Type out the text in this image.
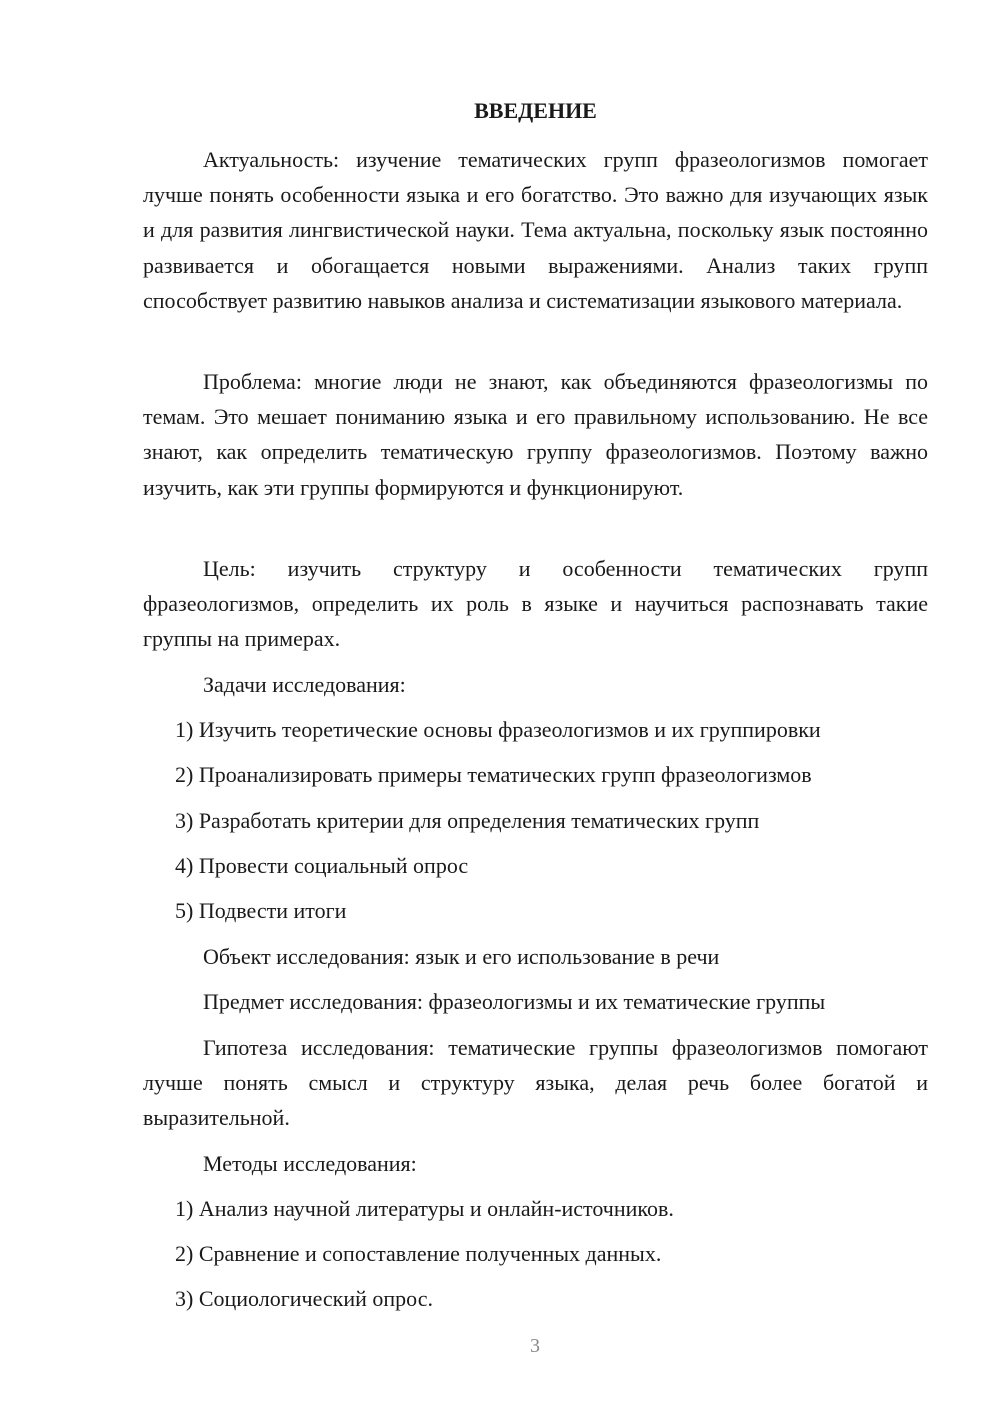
ВВЕДЕНИЕ

Актуальность: изучение тематических групп фразеологизмов помогает лучше понять особенности языка и его богатство. Это важно для изучающих язык и для развития лингвистической науки. Тема актуальна, поскольку язык постоянно развивается и обогащается новыми выражениями. Анализ таких групп способствует развитию навыков анализа и систематизации языкового материала.

Проблема: многие люди не знают, как объединяются фразеологизмы по темам. Это мешает пониманию языка и его правильному использованию. Не все знают, как определить тематическую группу фразеологизмов. Поэтому важно изучить, как эти группы формируются и функционируют.

Цель: изучить структуру и особенности тематических групп фразеологизмов, определить их роль в языке и научиться распознавать такие группы на примерах.

Задачи исследования:

1) Изучить теоретические основы фразеологизмов и их группировки

2) Проанализировать примеры тематических групп фразеологизмов

3) Разработать критерии для определения тематических групп

4) Провести социальный опрос

5) Подвести итоги

Объект исследования: язык и его использование в речи

Предмет исследования: фразеологизмы и их тематические группы

Гипотеза исследования: тематические группы фразеологизмов помогают лучше понять смысл и структуру языка, делая речь более богатой и выразительной.

Методы исследования:

1) Анализ научной литературы и онлайн-источников.

2) Сравнение и сопоставление полученных данных.

3) Социологический опрос.

3
